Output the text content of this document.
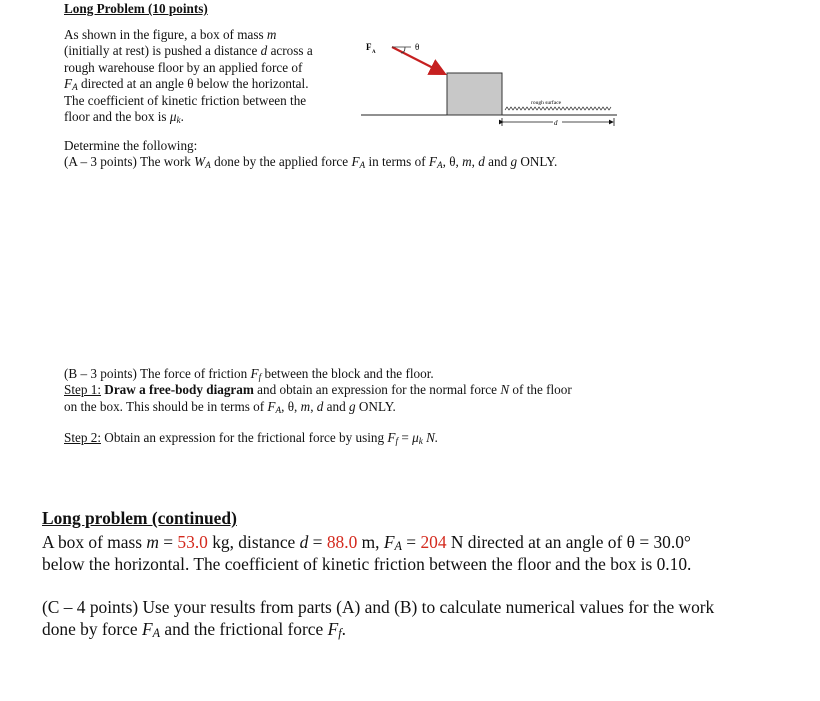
Long Problem (10 points)
As shown in the figure, a box of mass m
(initially at rest) is pushed a distance d across a
rough warehouse floor by an applied force of
$F_A$ directed at an angle θ below the horizontal.
The coefficient of kinetic friction between the
floor and the box is $\mu_k$.
F
A
θ
rough surface
d
Determine the following:
(A – 3 points) The work $W_A$ done by the applied force $F_A$ in terms of $F_A$, θ, m, d and g ONLY.
(B – 3 points) The force of friction $F_f$ between the block and the floor.
Step 1: Draw a free-body diagram and obtain an expression for the normal force N of the floor
on the box. This should be in terms of $F_A$, θ, m, d and g ONLY.
Step 2: Obtain an expression for the frictional force by using $F_f = \mu_k$ N.
Long problem (continued)
A box of mass m = 53.0 kg, distance d = 88.0 m, $F_A = 204$ N directed at an angle of θ = 30.0°
below the horizontal. The coefficient of kinetic friction between the floor and the box is 0.10.
(C – 4 points) Use your results from parts (A) and (B) to calculate numerical values for the work
done by force $F_A$ and the frictional force $F_f$.
